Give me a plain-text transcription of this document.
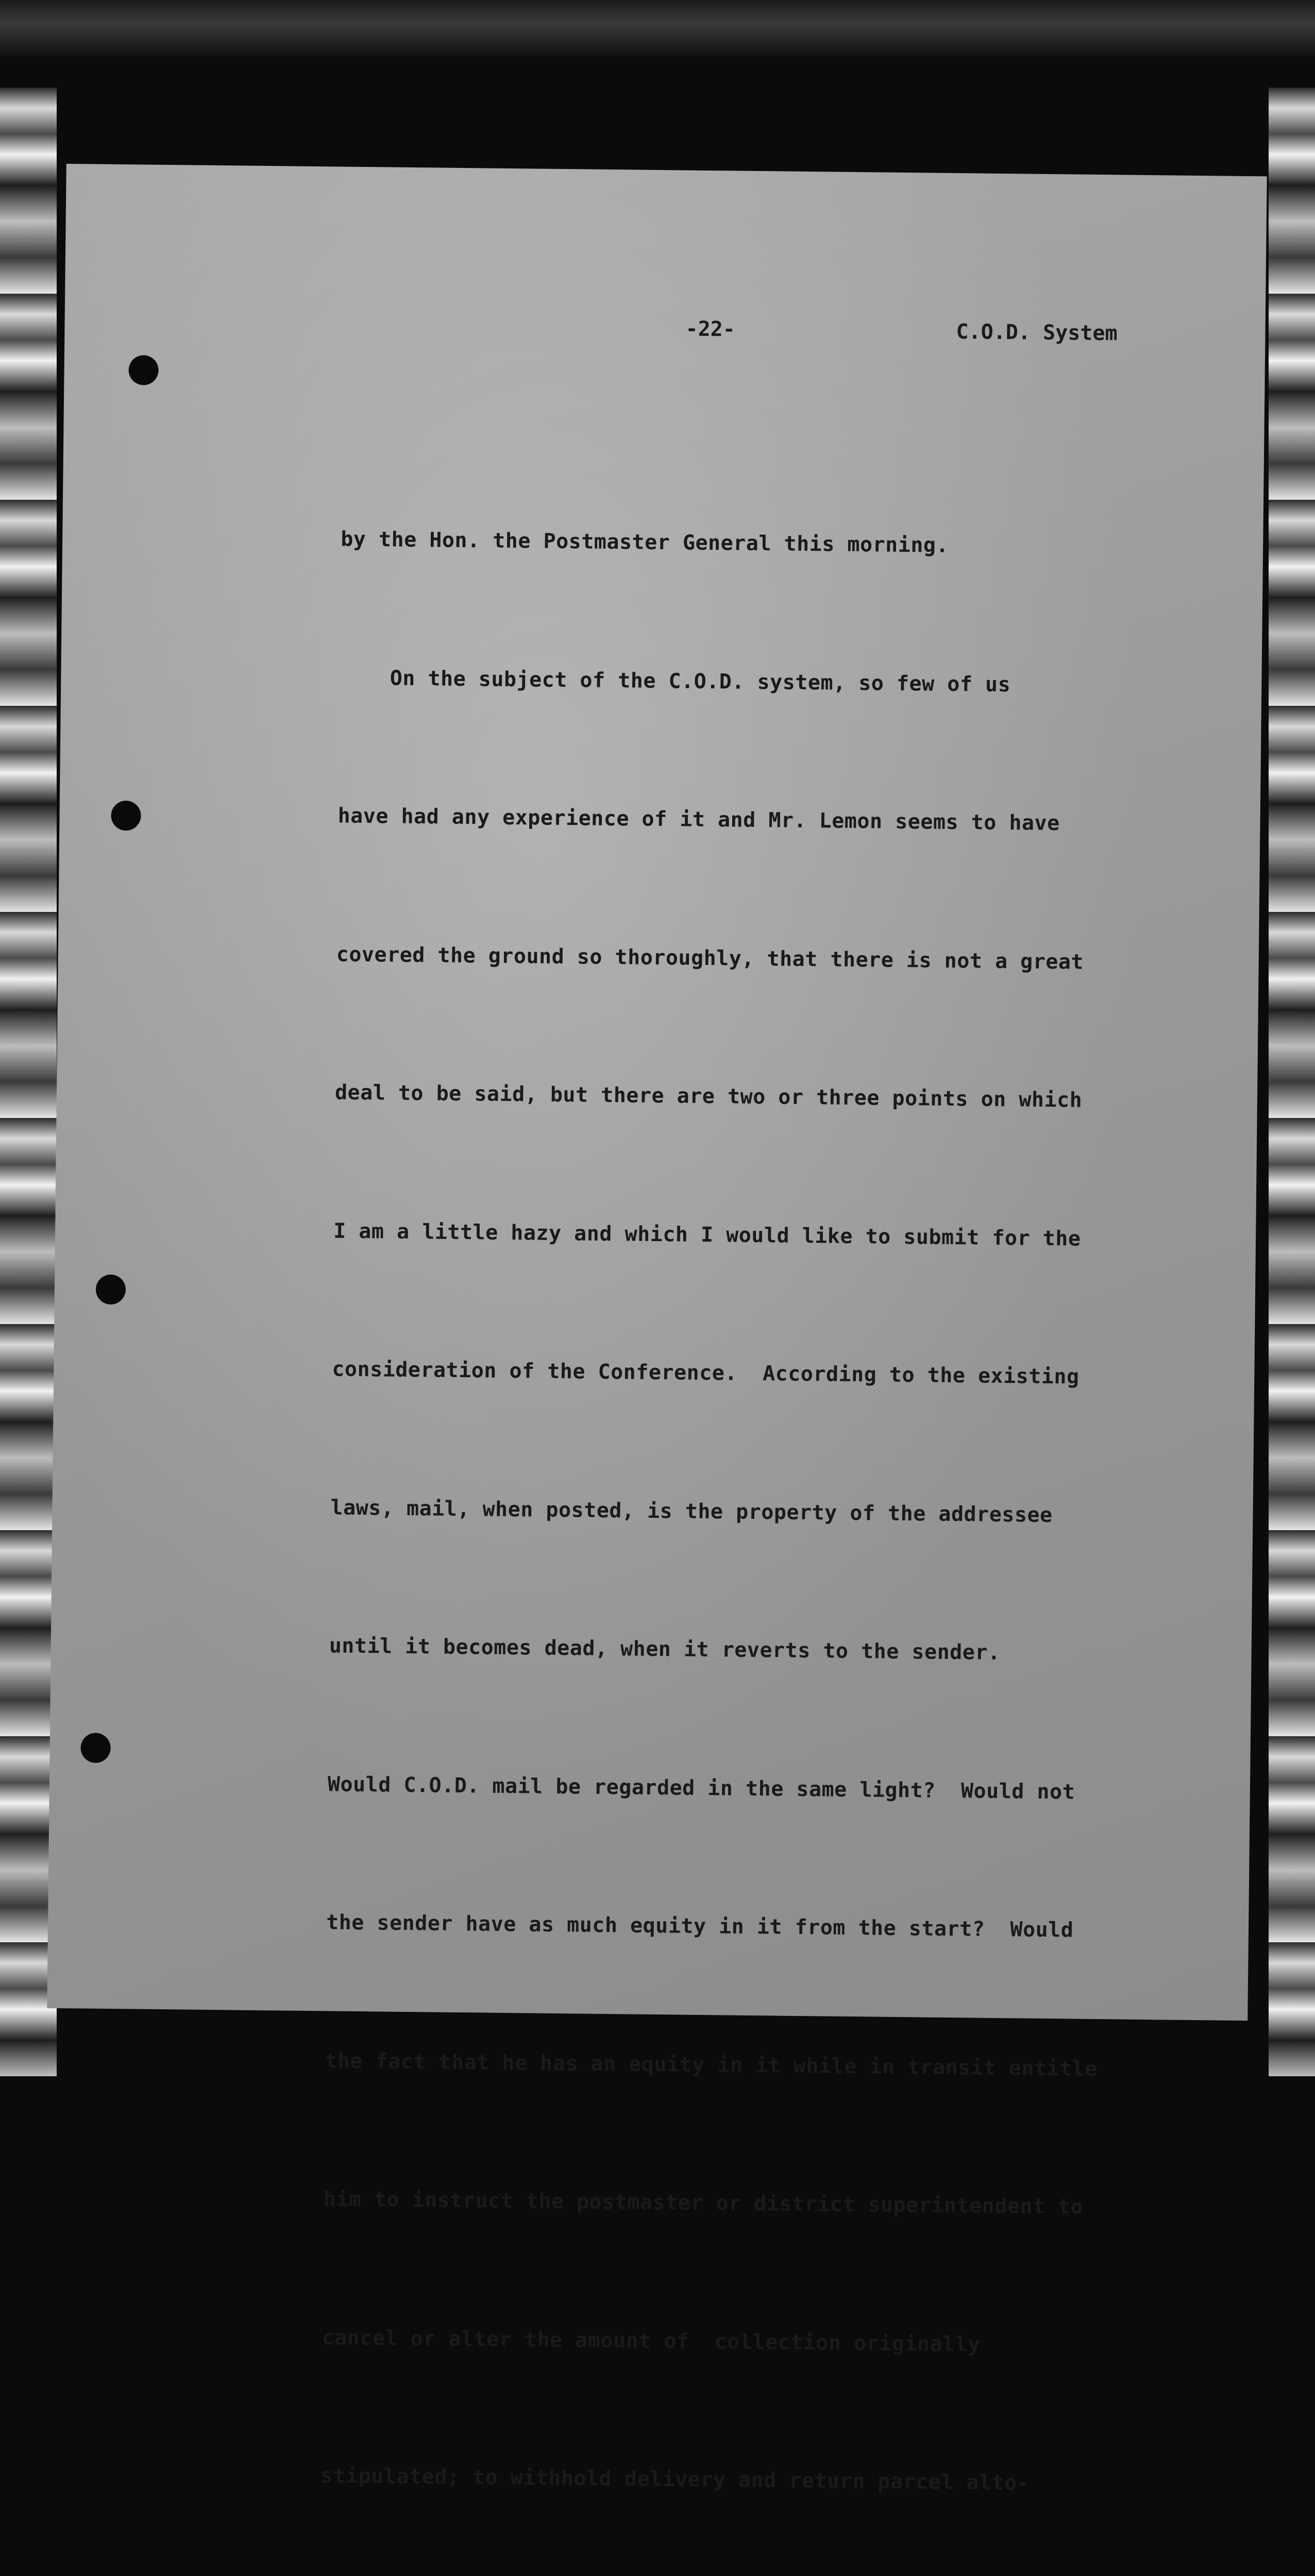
-22-	C.O.D. System

by the Hon. the Postmaster General this morning.

On the subject of the C.O.D. system, so few of us

have had any experience of it and Mr. Lemon seems to have

covered the ground so thoroughly, that there is not a great

deal to be said, but there are two or three points on which

I am a little hazy and which I would like to submit for the

consideration of the Conference.  According to the existing

laws, mail, when posted, is the property of the addressee

until it becomes dead, when it reverts to the sender.

Would C.O.D. mail be regarded in the same light?  Would not

the sender have as much equity in it from the start?  Would

the fact that he has an equity in it while in transit entitle

him to instruct the postmaster or district superintendent to

cancel or alter the amount of  collection originally

stipulated; to withhold delivery and return parcel alto-
